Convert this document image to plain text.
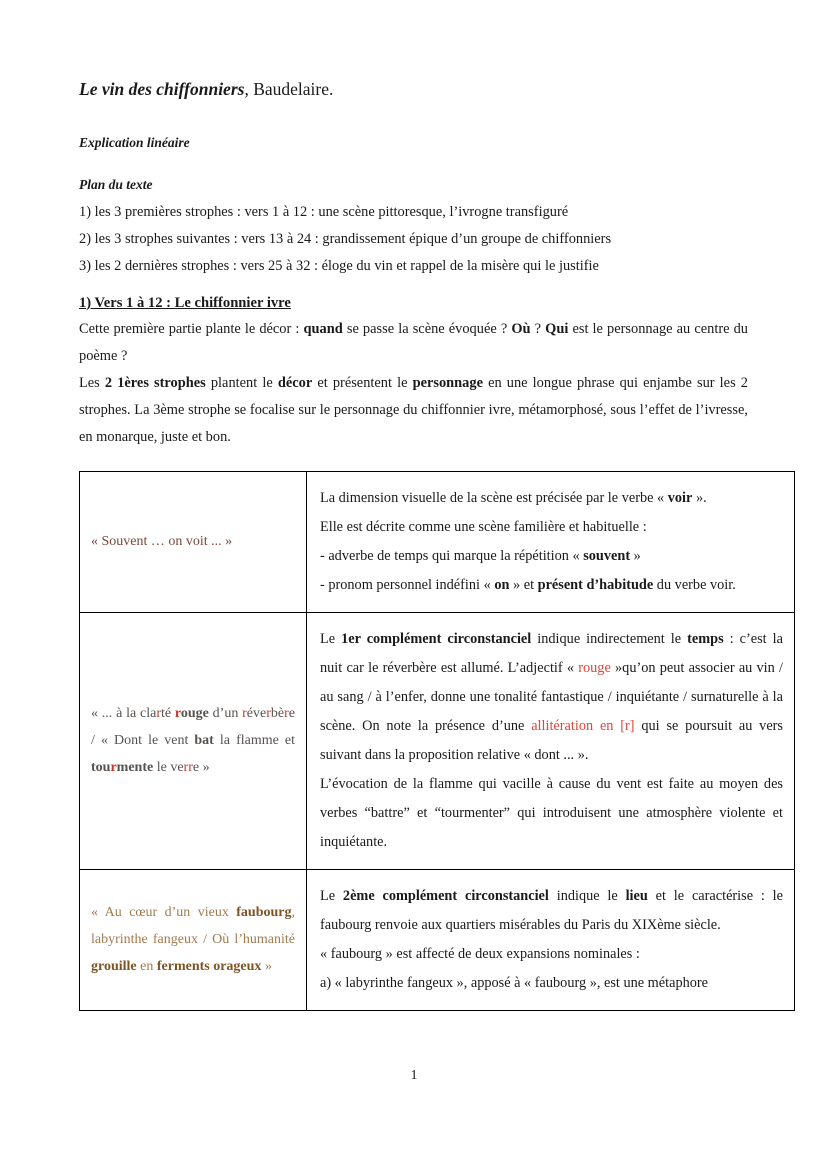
Le vin des chiffonniers, Baudelaire.
Explication linéaire
Plan du texte

1) les 3 premières strophes : vers 1 à 12 : une scène pittoresque, l’ivrogne transfiguré

2) les 3 strophes suivantes : vers 13 à 24 : grandissement épique d’un groupe de chiffonniers

3) les 2 dernières strophes : vers 25 à 32 : éloge du vin et rappel de la misère qui le justifie

1) Vers 1 à 12 : Le chiffonnier ivre

Cette première partie plante le décor : quand se passe la scène évoquée ? Où ? Qui est le personnage au centre du poème ?

Les 2 1ères strophes plantent le décor et présentent le personnage en une longue phrase qui enjambe sur les 2 strophes. La 3ème strophe se focalise sur le personnage du chiffonnier ivre, métamorphosé, sous l’effet de l’ivresse, en monarque, juste et bon.

« Souvent … on voit ... »	La dimension visuelle de la scène est précisée par le verbe « voir ».

Elle est décrite comme une scène familière et habituelle :

- adverbe de temps qui marque la répétition « souvent »

- pronom personnel indéfini « on » et présent d’habitude du verbe voir.

« ... à la clarté rouge d’un réverbère / « Dont le vent bat la flamme et tourmente le verre »	Le 1er complément circonstanciel indique indirectement le temps : c’est la nuit car le réverbère est allumé. L’adjectif « rouge »qu’on peut associer au vin / au sang / à l’enfer, donne une tonalité fantastique / inquiétante / surnaturelle à la scène. On note la présence d’une allitération en [r] qui se poursuit au vers suivant dans la proposition relative « dont ... ».

L’évocation de la flamme qui vacille à cause du vent est faite au moyen des verbes “battre” et “tourmenter” qui introduisent une atmosphère violente et inquiétante.

« Au cœur d’un vieux faubourg, labyrinthe fangeux / Où l’humanité grouille en ferments orageux »	Le 2ème complément circonstanciel indique le lieu et le caractérise : le faubourg renvoie aux quartiers misérables du Paris du XIXème siècle.

« faubourg » est affecté de deux expansions nominales :

a) « labyrinthe fangeux », apposé à « faubourg », est une métaphore

1
